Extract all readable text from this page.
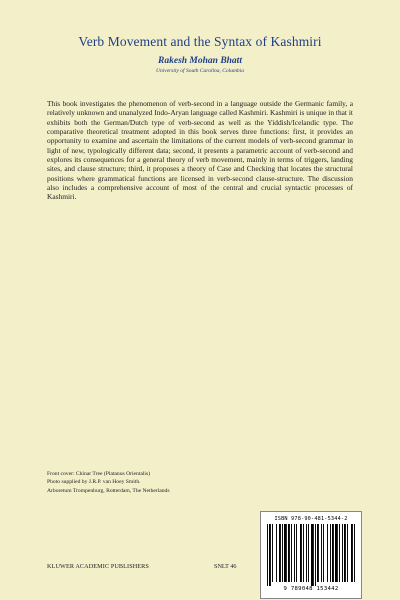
Verb Movement and the Syntax of Kashmiri
Rakesh Mohan Bhatt
University of South Carolina, Columbia

This book investigates the phenomenon of verb-second in a language outside the Germanic family, a relatively unknown and unanalyzed Indo-Aryan language called Kashmiri. Kashmiri is unique in that it exhibits both the German/Dutch type of verb-second as well as the Yiddish/Icelandic type. The comparative theoretical treatment adopted in this book serves three functions: first, it provides an opportunity to examine and ascertain the limitations of the current models of verb-second grammar in light of new, typologically different data; second, it presents a parametric account of verb-second and explores its consequences for a general theory of verb movement, mainly in terms of triggers, landing sites, and clause structure; third, it proposes a theory of Case and Checking that locates the structural positions where grammatical functions are licensed in verb-second clause-structure. The discussion also includes a comprehensive account of most of the central and crucial syntactic processes of Kashmiri.

Front cover: Chinar Tree (Platanus Orientalis)
Photo supplied by J.R.P. van Hoey Smith.
Arboretum Trompenburg, Rotterdam, The Netherlands
ISBN 978-90-481-5344-2
9 789048 153442
KLUWER ACADEMIC PUBLISHERS	SNLT 46
